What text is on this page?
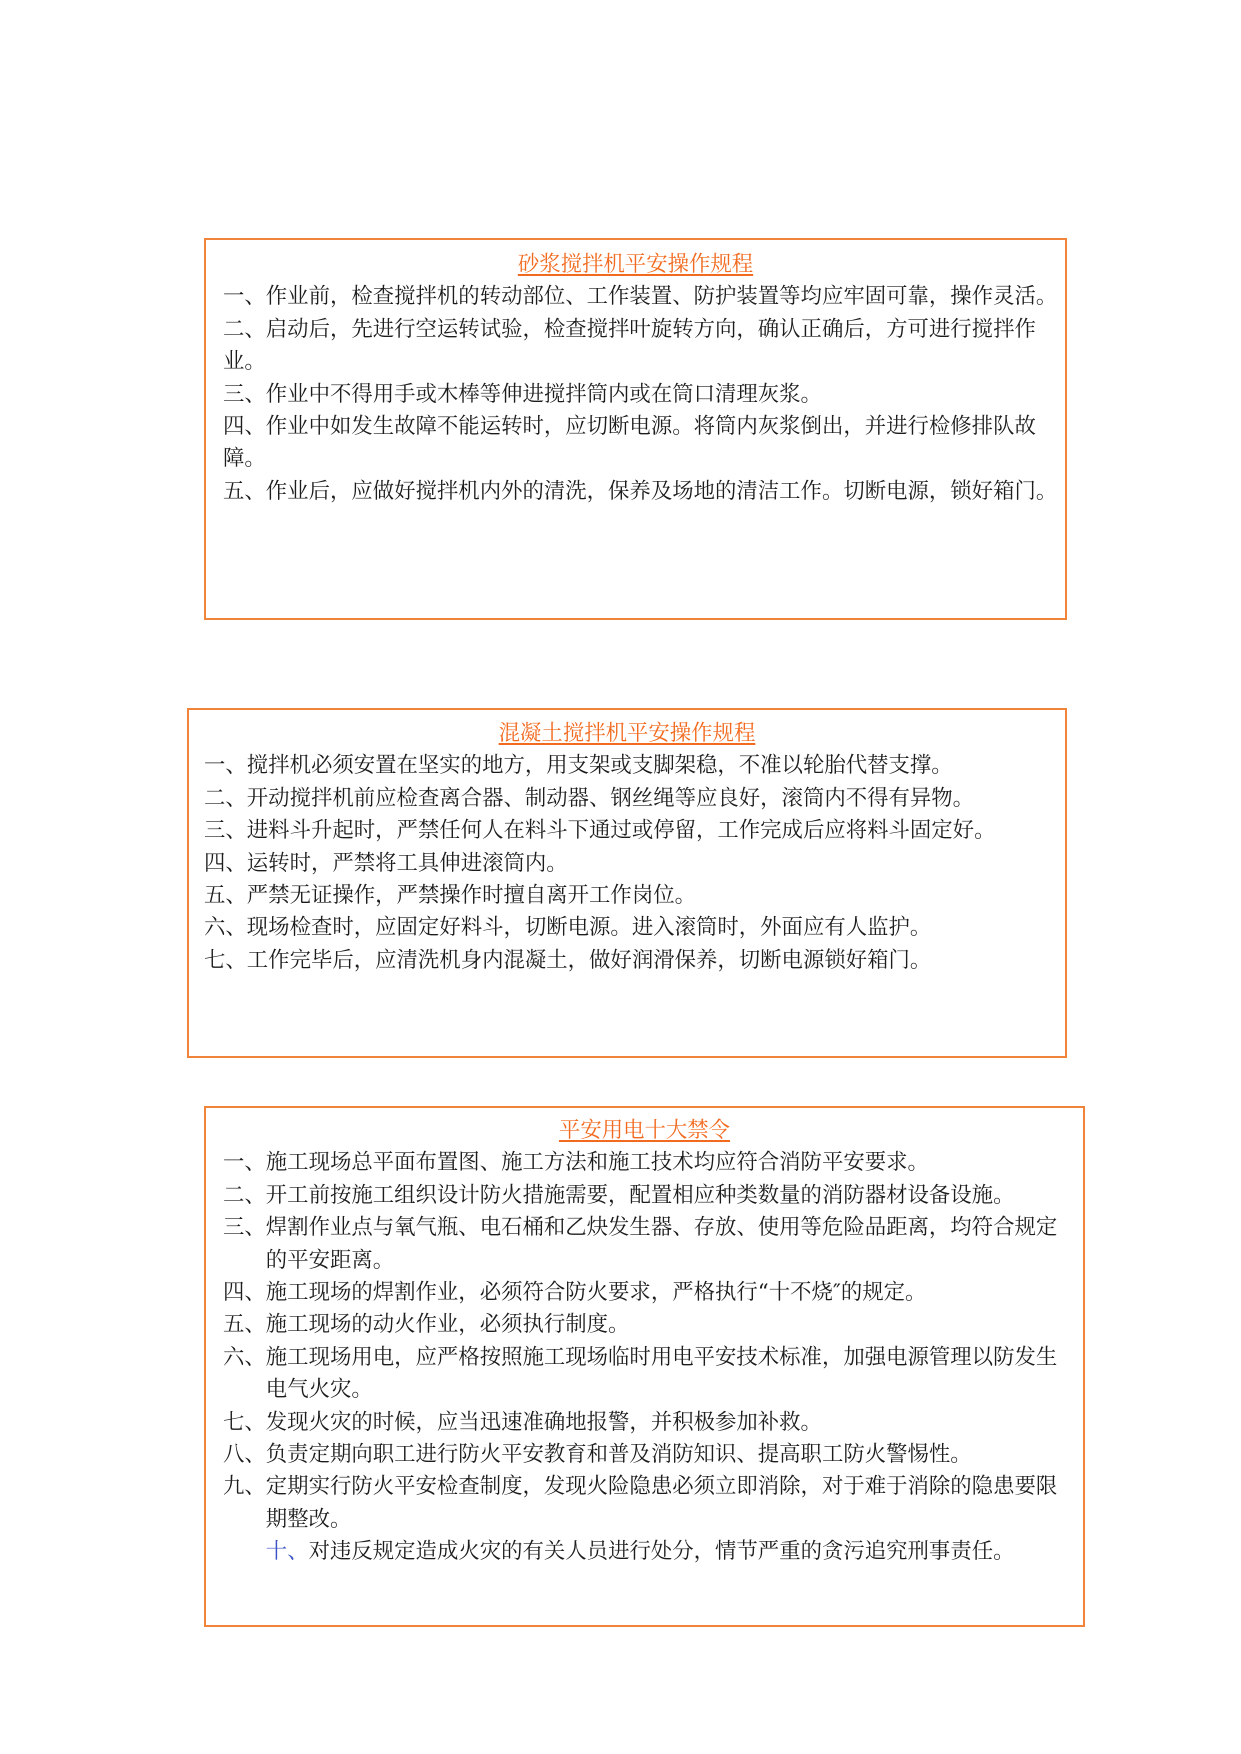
砂浆搅拌机平安操作规程
一、作业前，检查搅拌机的转动部位、工作装置、防护装置等均应牢固可靠，操作灵活。
二、启动后，先进行空运转试验，检查搅拌叶旋转方向，确认正确后，方可进行搅拌作业。
三、作业中不得用手或木棒等伸进搅拌筒内或在筒口清理灰浆。
四、作业中如发生故障不能运转时，应切断电源。将筒内灰浆倒出，并进行检修排队故障。
五、作业后，应做好搅拌机内外的清洗，保养及场地的清洁工作。切断电源，锁好箱门。
混凝土搅拌机平安操作规程
一、搅拌机必须安置在坚实的地方，用支架或支脚架稳，不准以轮胎代替支撑。
二、开动搅拌机前应检查离合器、制动器、钢丝绳等应良好，滚筒内不得有异物。
三、进料斗升起时，严禁任何人在料斗下通过或停留，工作完成后应将料斗固定好。
四、运转时，严禁将工具伸进滚筒内。
五、严禁无证操作，严禁操作时擅自离开工作岗位。
六、现场检查时，应固定好料斗，切断电源。进入滚筒时，外面应有人监护。
七、工作完毕后，应清洗机身内混凝土，做好润滑保养，切断电源锁好箱门。
平安用电十大禁令
一、施工现场总平面布置图、施工方法和施工技术均应符合消防平安要求。
二、开工前按施工组织设计防火措施需要，配置相应种类数量的消防器材设备设施。
三、焊割作业点与氧气瓶、电石桶和乙炔发生器、存放、使用等危险品距离，均符合规定的平安距离。
四、施工现场的焊割作业，必须符合防火要求，严格执行“十不烧″的规定。
五、施工现场的动火作业，必须执行制度。
六、施工现场用电，应严格按照施工现场临时用电平安技术标准，加强电源管理以防发生电气火灾。
七、发现火灾的时候，应当迅速准确地报警，并积极参加补救。
八、负责定期向职工进行防火平安教育和普及消防知识、提高职工防火警惕性。
九、定期实行防火平安检查制度，发现火险隐患必须立即消除，对于难于消除的隐患要限期整改。
十、对违反规定造成火灾的有关人员进行处分，情节严重的贪污追究刑事责任。
